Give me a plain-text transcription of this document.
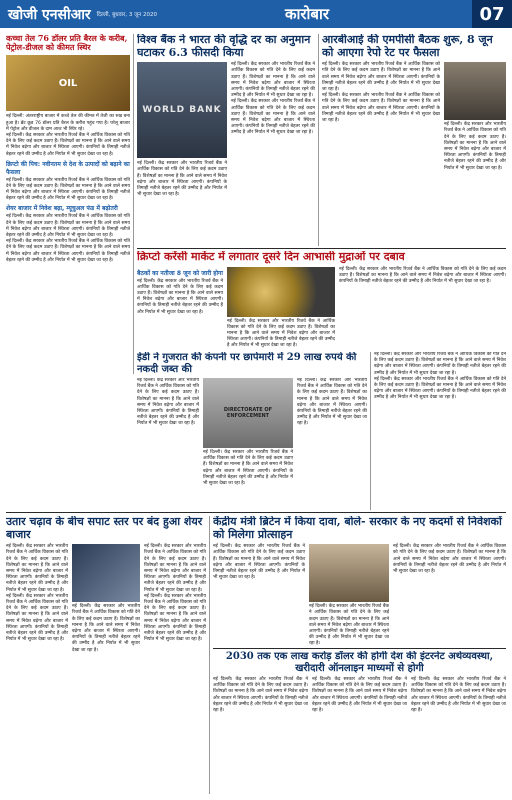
खोजी एनसीआर दिल्ली, बुधवार, 3 जून 2020	कारोबार	07
कच्चा तेल 76 डॉलर प्रति बैरल के करीब, पेट्रोल-डीजल को कीमत स्थिर
OIL
नई दिल्ली: अंतरराष्ट्रीय बाजार में कच्चे तेल की कीमत में तेजी का रुख बना हुआ है। ब्रेंट क्रूड 76 डॉलर प्रति बैरल के करीब पहुंच गया है। घरेलू बाजार में पेट्रोल और डीजल के दाम आज भी स्थिर रहे।
नई दिल्ली। केंद्र सरकार और भारतीय रिजर्व बैंक ने आर्थिक विकास को गति देने के लिए कई कदम उठाए हैं। विशेषज्ञों का मानना है कि आने वाले समय में निवेश बढ़ेगा और बाजार में स्थिरता आएगी। कंपनियों के तिमाही नतीजे बेहतर रहने की उम्मीद है और निर्यात में भी सुधार देखा जा रहा है।
क्रिप्टो की पिच: नवीनतम से देश के उत्पादों को बढ़ाने का फैसला
नई दिल्ली। केंद्र सरकार और भारतीय रिजर्व बैंक ने आर्थिक विकास को गति देने के लिए कई कदम उठाए हैं। विशेषज्ञों का मानना है कि आने वाले समय में निवेश बढ़ेगा और बाजार में स्थिरता आएगी। कंपनियों के तिमाही नतीजे बेहतर रहने की उम्मीद है और निर्यात में भी सुधार देखा जा रहा है।
शेयर बाजार में निवेश बढ़ा, म्यूचुअल फंड में बढ़ोतरी
नई दिल्ली। केंद्र सरकार और भारतीय रिजर्व बैंक ने आर्थिक विकास को गति देने के लिए कई कदम उठाए हैं। विशेषज्ञों का मानना है कि आने वाले समय में निवेश बढ़ेगा और बाजार में स्थिरता आएगी। कंपनियों के तिमाही नतीजे बेहतर रहने की उम्मीद है और निर्यात में भी सुधार देखा जा रहा है।
नई दिल्ली। केंद्र सरकार और भारतीय रिजर्व बैंक ने आर्थिक विकास को गति देने के लिए कई कदम उठाए हैं। विशेषज्ञों का मानना है कि आने वाले समय में निवेश बढ़ेगा और बाजार में स्थिरता आएगी। कंपनियों के तिमाही नतीजे बेहतर रहने की उम्मीद है और निर्यात में भी सुधार देखा जा रहा है।
विश्व बैंक ने भारत की वृद्धि दर का अनुमान घटाकर 6.3 फीसदी किया
WORLD BANK
नई दिल्ली। केंद्र सरकार और भारतीय रिजर्व बैंक ने आर्थिक विकास को गति देने के लिए कई कदम उठाए हैं। विशेषज्ञों का मानना है कि आने वाले समय में निवेश बढ़ेगा और बाजार में स्थिरता आएगी। कंपनियों के तिमाही नतीजे बेहतर रहने की उम्मीद है और निर्यात में भी सुधार देखा जा रहा है।
नई दिल्ली। केंद्र सरकार और भारतीय रिजर्व बैंक ने आर्थिक विकास को गति देने के लिए कई कदम उठाए हैं। विशेषज्ञों का मानना है कि आने वाले समय में निवेश बढ़ेगा और बाजार में स्थिरता आएगी। कंपनियों के तिमाही नतीजे बेहतर रहने की उम्मीद है और निर्यात में भी सुधार देखा जा रहा है।
नई दिल्ली। केंद्र सरकार और भारतीय रिजर्व बैंक ने आर्थिक विकास को गति देने के लिए कई कदम उठाए हैं। विशेषज्ञों का मानना है कि आने वाले समय में निवेश बढ़ेगा और बाजार में स्थिरता आएगी। कंपनियों के तिमाही नतीजे बेहतर रहने की उम्मीद है और निर्यात में भी सुधार देखा जा रहा है।
आरबीआई की एमपीसी बैठक शुरू, 8 जून को आएगा रेपो रेट पर फैसला
नई दिल्ली। केंद्र सरकार और भारतीय रिजर्व बैंक ने आर्थिक विकास को गति देने के लिए कई कदम उठाए हैं। विशेषज्ञों का मानना है कि आने वाले समय में निवेश बढ़ेगा और बाजार में स्थिरता आएगी। कंपनियों के तिमाही नतीजे बेहतर रहने की उम्मीद है और निर्यात में भी सुधार देखा जा रहा है।
नई दिल्ली। केंद्र सरकार और भारतीय रिजर्व बैंक ने आर्थिक विकास को गति देने के लिए कई कदम उठाए हैं। विशेषज्ञों का मानना है कि आने वाले समय में निवेश बढ़ेगा और बाजार में स्थिरता आएगी। कंपनियों के तिमाही नतीजे बेहतर रहने की उम्मीद है और निर्यात में भी सुधार देखा जा रहा है।
नई दिल्ली। केंद्र सरकार और भारतीय रिजर्व बैंक ने आर्थिक विकास को गति देने के लिए कई कदम उठाए हैं। विशेषज्ञों का मानना है कि आने वाले समय में निवेश बढ़ेगा और बाजार में स्थिरता आएगी। कंपनियों के तिमाही नतीजे बेहतर रहने की उम्मीद है और निर्यात में भी सुधार देखा जा रहा है।
क्रिप्टो करेंसी मार्केट में लगातार दूसरे दिन आभासी मुद्राओं पर दबाव
बैठकों का नतीजा 8 जून को जारी होगा
नई दिल्ली। केंद्र सरकार और भारतीय रिजर्व बैंक ने आर्थिक विकास को गति देने के लिए कई कदम उठाए हैं। विशेषज्ञों का मानना है कि आने वाले समय में निवेश बढ़ेगा और बाजार में स्थिरता आएगी। कंपनियों के तिमाही नतीजे बेहतर रहने की उम्मीद है और निर्यात में भी सुधार देखा जा रहा है।
नई दिल्ली। केंद्र सरकार और भारतीय रिजर्व बैंक ने आर्थिक विकास को गति देने के लिए कई कदम उठाए हैं। विशेषज्ञों का मानना है कि आने वाले समय में निवेश बढ़ेगा और बाजार में स्थिरता आएगी। कंपनियों के तिमाही नतीजे बेहतर रहने की उम्मीद है और निर्यात में भी सुधार देखा जा रहा है।
नई दिल्ली। केंद्र सरकार और भारतीय रिजर्व बैंक ने आर्थिक विकास को गति देने के लिए कई कदम उठाए हैं। विशेषज्ञों का मानना है कि आने वाले समय में निवेश बढ़ेगा और बाजार में स्थिरता आएगी। कंपनियों के तिमाही नतीजे बेहतर रहने की उम्मीद है और निर्यात में भी सुधार देखा जा रहा है।
ईडी ने गुजरात की कंपनी पर छापेमारी में 29 लाख रुपये की नकदी जब्त की
नई दिल्ली। केंद्र सरकार और भारतीय रिजर्व बैंक ने आर्थिक विकास को गति देने के लिए कई कदम उठाए हैं। विशेषज्ञों का मानना है कि आने वाले समय में निवेश बढ़ेगा और बाजार में स्थिरता आएगी। कंपनियों के तिमाही नतीजे बेहतर रहने की उम्मीद है और निर्यात में भी सुधार देखा जा रहा है।
DIRECTORATE OF ENFORCEMENT
नई दिल्ली। केंद्र सरकार और भारतीय रिजर्व बैंक ने आर्थिक विकास को गति देने के लिए कई कदम उठाए हैं। विशेषज्ञों का मानना है कि आने वाले समय में निवेश बढ़ेगा और बाजार में स्थिरता आएगी। कंपनियों के तिमाही नतीजे बेहतर रहने की उम्मीद है और निर्यात में भी सुधार देखा जा रहा है।
नई दिल्ली। केंद्र सरकार और भारतीय रिजर्व बैंक ने आर्थिक विकास को गति देने के लिए कई कदम उठाए हैं। विशेषज्ञों का मानना है कि आने वाले समय में निवेश बढ़ेगा और बाजार में स्थिरता आएगी। कंपनियों के तिमाही नतीजे बेहतर रहने की उम्मीद है और निर्यात में भी सुधार देखा जा रहा है।
नई दिल्ली। केंद्र सरकार और भारतीय रिजर्व बैंक ने आर्थिक विकास को गति देने के लिए कई कदम उठाए हैं। विशेषज्ञों का मानना है कि आने वाले समय में निवेश बढ़ेगा और बाजार में स्थिरता आएगी। कंपनियों के तिमाही नतीजे बेहतर रहने की उम्मीद है और निर्यात में भी सुधार देखा जा रहा है।
नई दिल्ली। केंद्र सरकार और भारतीय रिजर्व बैंक ने आर्थिक विकास को गति देने के लिए कई कदम उठाए हैं। विशेषज्ञों का मानना है कि आने वाले समय में निवेश बढ़ेगा और बाजार में स्थिरता आएगी। कंपनियों के तिमाही नतीजे बेहतर रहने की उम्मीद है और निर्यात में भी सुधार देखा जा रहा है।
उतार चढ़ाव के बीच सपाट स्तर पर बंद हुआ शेयर बाजार
नई दिल्ली। केंद्र सरकार और भारतीय रिजर्व बैंक ने आर्थिक विकास को गति देने के लिए कई कदम उठाए हैं। विशेषज्ञों का मानना है कि आने वाले समय में निवेश बढ़ेगा और बाजार में स्थिरता आएगी। कंपनियों के तिमाही नतीजे बेहतर रहने की उम्मीद है और निर्यात में भी सुधार देखा जा रहा है।
नई दिल्ली। केंद्र सरकार और भारतीय रिजर्व बैंक ने आर्थिक विकास को गति देने के लिए कई कदम उठाए हैं। विशेषज्ञों का मानना है कि आने वाले समय में निवेश बढ़ेगा और बाजार में स्थिरता आएगी। कंपनियों के तिमाही नतीजे बेहतर रहने की उम्मीद है और निर्यात में भी सुधार देखा जा रहा है।
नई दिल्ली। केंद्र सरकार और भारतीय रिजर्व बैंक ने आर्थिक विकास को गति देने के लिए कई कदम उठाए हैं। विशेषज्ञों का मानना है कि आने वाले समय में निवेश बढ़ेगा और बाजार में स्थिरता आएगी। कंपनियों के तिमाही नतीजे बेहतर रहने की उम्मीद है और निर्यात में भी सुधार देखा जा रहा है।
नई दिल्ली। केंद्र सरकार और भारतीय रिजर्व बैंक ने आर्थिक विकास को गति देने के लिए कई कदम उठाए हैं। विशेषज्ञों का मानना है कि आने वाले समय में निवेश बढ़ेगा और बाजार में स्थिरता आएगी। कंपनियों के तिमाही नतीजे बेहतर रहने की उम्मीद है और निर्यात में भी सुधार देखा जा रहा है।
नई दिल्ली। केंद्र सरकार और भारतीय रिजर्व बैंक ने आर्थिक विकास को गति देने के लिए कई कदम उठाए हैं। विशेषज्ञों का मानना है कि आने वाले समय में निवेश बढ़ेगा और बाजार में स्थिरता आएगी। कंपनियों के तिमाही नतीजे बेहतर रहने की उम्मीद है और निर्यात में भी सुधार देखा जा रहा है।
केंद्रीय मंत्री ब्रिटेन में किया दावा, बोले- सरकार के नए कदमों से निवेशकों को मिलेगा प्रोत्साहन
नई दिल्ली। केंद्र सरकार और भारतीय रिजर्व बैंक ने आर्थिक विकास को गति देने के लिए कई कदम उठाए हैं। विशेषज्ञों का मानना है कि आने वाले समय में निवेश बढ़ेगा और बाजार में स्थिरता आएगी। कंपनियों के तिमाही नतीजे बेहतर रहने की उम्मीद है और निर्यात में भी सुधार देखा जा रहा है।
नई दिल्ली। केंद्र सरकार और भारतीय रिजर्व बैंक ने आर्थिक विकास को गति देने के लिए कई कदम उठाए हैं। विशेषज्ञों का मानना है कि आने वाले समय में निवेश बढ़ेगा और बाजार में स्थिरता आएगी। कंपनियों के तिमाही नतीजे बेहतर रहने की उम्मीद है और निर्यात में भी सुधार देखा जा रहा है।
नई दिल्ली। केंद्र सरकार और भारतीय रिजर्व बैंक ने आर्थिक विकास को गति देने के लिए कई कदम उठाए हैं। विशेषज्ञों का मानना है कि आने वाले समय में निवेश बढ़ेगा और बाजार में स्थिरता आएगी। कंपनियों के तिमाही नतीजे बेहतर रहने की उम्मीद है और निर्यात में भी सुधार देखा जा रहा है।
2030 तक एक लाख करोड़ डॉलर की होगी देश की इंटरनेट अर्थव्यवस्था, खरीदारी ऑनलाइन माध्यमों से होगी
नई दिल्ली। केंद्र सरकार और भारतीय रिजर्व बैंक ने आर्थिक विकास को गति देने के लिए कई कदम उठाए हैं। विशेषज्ञों का मानना है कि आने वाले समय में निवेश बढ़ेगा और बाजार में स्थिरता आएगी। कंपनियों के तिमाही नतीजे बेहतर रहने की उम्मीद है और निर्यात में भी सुधार देखा जा रहा है।
नई दिल्ली। केंद्र सरकार और भारतीय रिजर्व बैंक ने आर्थिक विकास को गति देने के लिए कई कदम उठाए हैं। विशेषज्ञों का मानना है कि आने वाले समय में निवेश बढ़ेगा और बाजार में स्थिरता आएगी। कंपनियों के तिमाही नतीजे बेहतर रहने की उम्मीद है और निर्यात में भी सुधार देखा जा रहा है।
नई दिल्ली। केंद्र सरकार और भारतीय रिजर्व बैंक ने आर्थिक विकास को गति देने के लिए कई कदम उठाए हैं। विशेषज्ञों का मानना है कि आने वाले समय में निवेश बढ़ेगा और बाजार में स्थिरता आएगी। कंपनियों के तिमाही नतीजे बेहतर रहने की उम्मीद है और निर्यात में भी सुधार देखा जा रहा है।
